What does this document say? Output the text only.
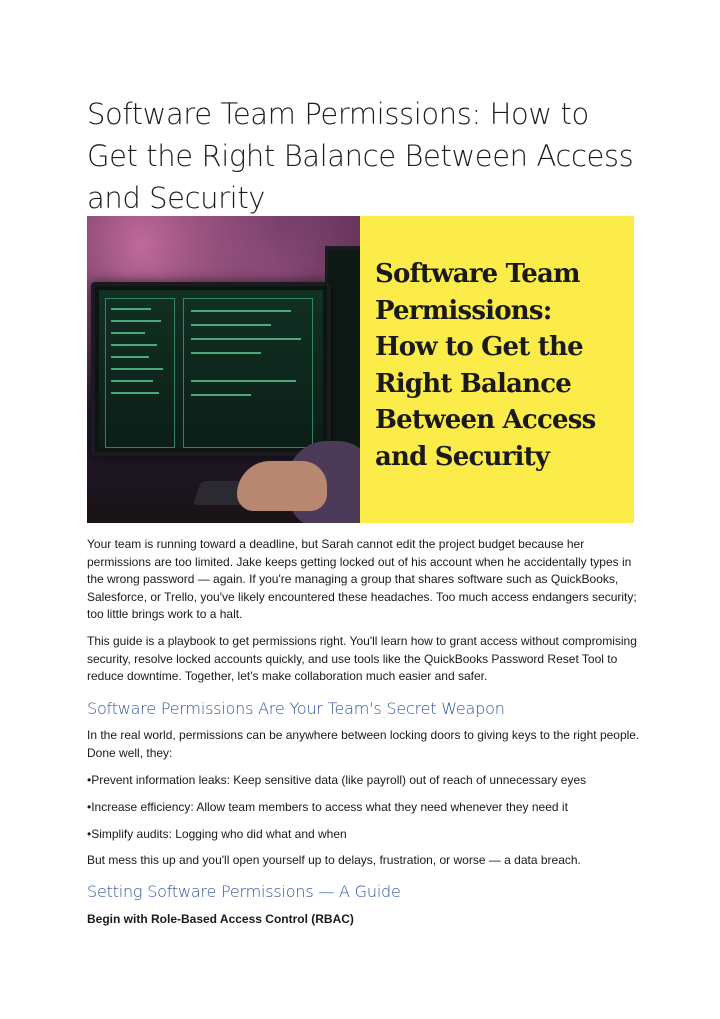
Software Team Permissions: How to Get the Right Balance Between Access and Security
Software Team
Permissions:
How to Get the
Right Balance
Between Access
and Security

Your team is running toward a deadline, but Sarah cannot edit the project budget because her permissions are too limited. Jake keeps getting locked out of his account when he accidentally types in the wrong password — again. If you're managing a group that shares software such as QuickBooks, Salesforce, or Trello, you've likely encountered these headaches. Too much access endangers security; too little brings work to a halt.

This guide is a playbook to get permissions right. You'll learn how to grant access without compromising security, resolve locked accounts quickly, and use tools like the QuickBooks Password Reset Tool to reduce downtime. Together, let's make collaboration much easier and safer.

Software Permissions Are Your Team's Secret Weapon

In the real world, permissions can be anywhere between locking doors to giving keys to the right people. Done well, they:

•Prevent information leaks: Keep sensitive data (like payroll) out of reach of unnecessary eyes

•Increase efficiency: Allow team members to access what they need whenever they need it

•Simplify audits: Logging who did what and when

But mess this up and you'll open yourself up to delays, frustration, or worse — a data breach.

Setting Software Permissions — A Guide

Begin with Role-Based Access Control (RBAC)
